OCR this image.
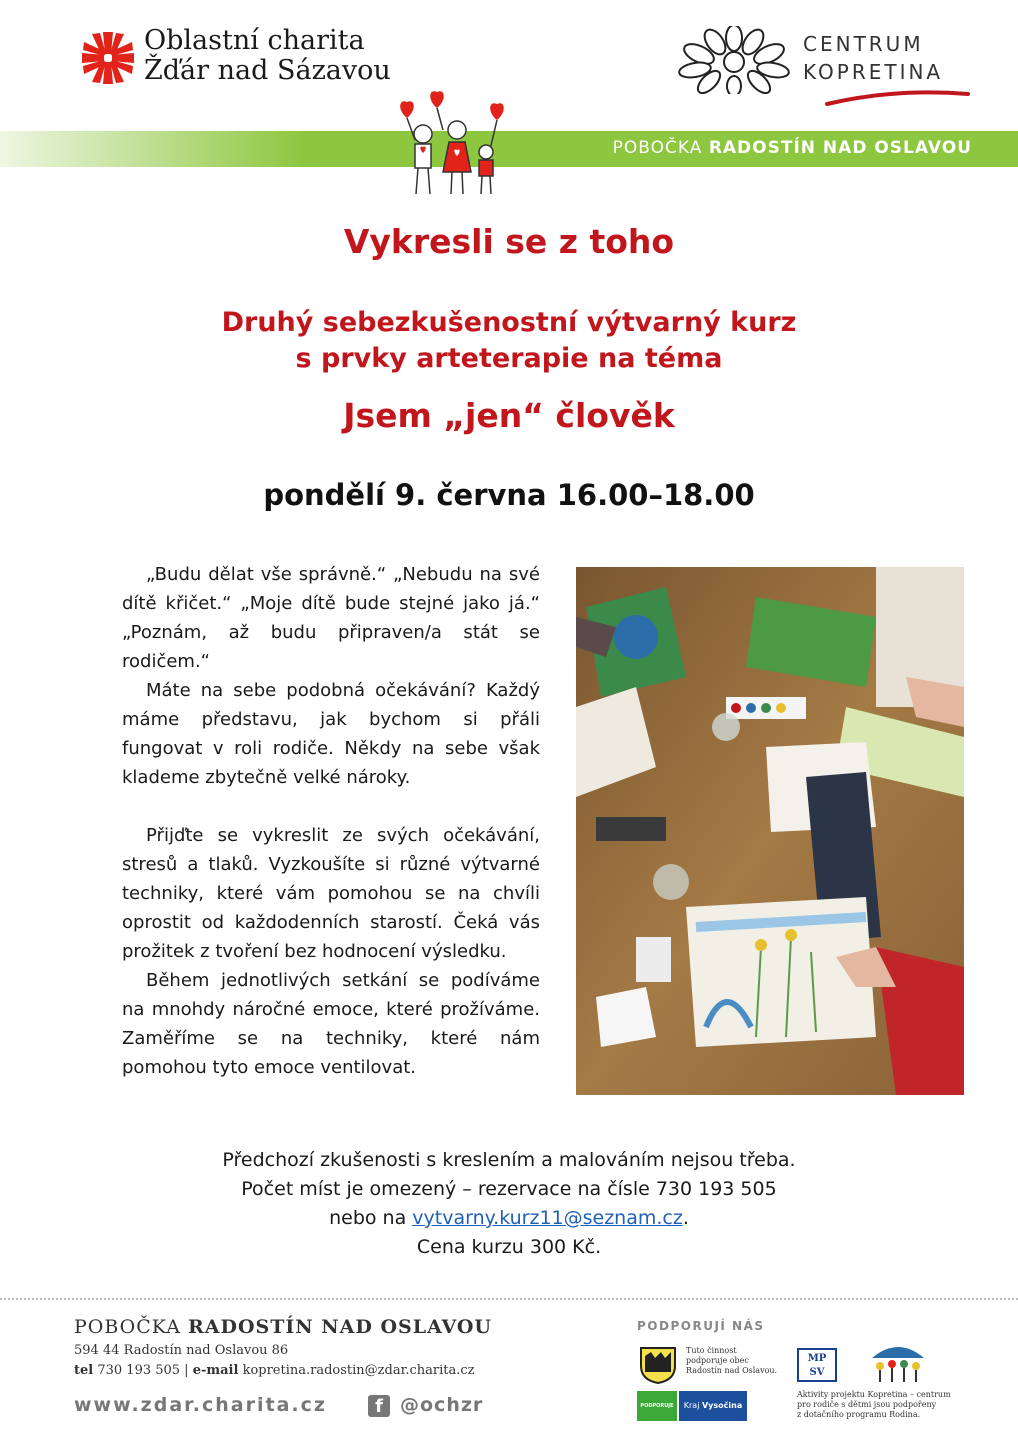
Oblastní charita
Žďár nad Sázavou
CENTRUM
KOPRETINA
POBOČKA RADOSTÍN NAD OSLAVOU
Vykresli se z toho
Druhý sebezkušenostní výtvarný kurz
s prvky arteterapie na téma
Jsem „jen“ člověk
pondělí 9. června 16.00–18.00

„Budu dělat vše správně.“ „Nebudu na své dítě křičet.“ „Moje dítě bude stejné jako já.“ „Poznám, až budu připraven/a stát se rodičem.“

Máte na sebe podobná očekávání? Každý máme představu, jak bychom si přáli fungovat v roli rodiče. Někdy na sebe však klademe zbytečně velké nároky.

Přijďte se vykreslit ze svých očekávání, stresů a tlaků. Vyzkoušíte si různé výtvarné techniky, které vám pomohou se na chvíli oprostit od každodenních starostí. Čeká vás prožitek z tvoření bez hodnocení výsledku.

Během jednotlivých setkání se podíváme na mnohdy náročné emoce, které prožíváme. Zaměříme se na techniky, které nám pomohou tyto emoce ventilovat.

Předchozí zkušenosti s kreslením a malováním nejsou třeba.
Počet míst je omezený – rezervace na čísle 730 193 505
nebo na vytvarny.kurz11@seznam.cz.
Cena kurzu 300 Kč.
POBOČKA RADOSTÍN NAD OSLAVOU
594 44 Radostín nad Oslavou 86
tel 730 193 505 | e-mail kopretina.radostin@zdar.charita.cz
www.zdar.charita.cz	f @ochzr
PODPORUJÍ NÁS
Tuto činnost
podporuje obec
Radostín nad Oslavou.
MP
SV
PODPORUJE	Kraj Vysočina
Aktivity projektu Kopretina – centrum
pro rodiče s dětmi jsou podpořeny
z dotačního programu Rodina.
